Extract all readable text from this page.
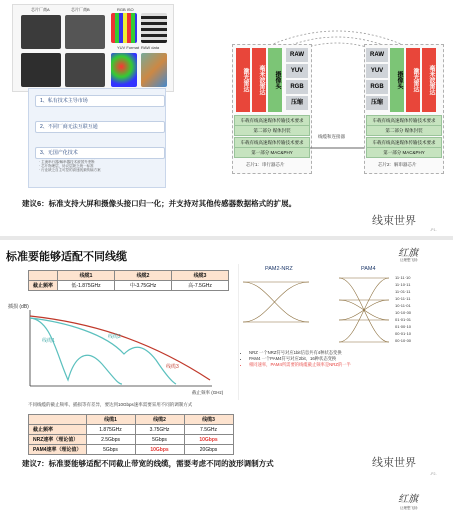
芯片厂商A	芯片厂商B	RGB ISO
YUV Format RAW data
1、私有技术主导市场
2、不同厂商无法互联互通
3、无国产化技术
· 主流串行器/解串器技术被国外垄断
· 芯片物理层、协议层缺乏统一标准
· 行业缺乏自主可控的高速视频传输方案
激光雷达	毫米波雷达	摄像头
RAW
YUV
RGB
压缩
车载有线高速媒体传输技术要求
第二部分 媒体封装
车载有线高速媒体传输技术要求
第一部分 MAC&PHY
RAW
YUV
RGB
压缩
摄像头	激光雷达	毫米波雷达
车载有线高速媒体传输技术要求
第二部分 媒体封装
车载有线高速媒体传输技术要求
第一部分 MAC&PHY
线缆和连接器
芯片1：串行器芯片	芯片2：解串器芯片
建议6：标准支持大屏和摄像头接口归一化；并支持对其他传感器数据格式的扩展。
线束世界
-P1-
标准要能够适配不同线缆	红旗
让理想飞扬
	线缆1	线缆2	线缆3
截止频率	低-1.875GHz	中-3.75GHz	高-7.5GHz
插损 (dB)
截止频率 (GHz)
线缆1
线缆2
线缆3
PAM2-NRZ	PAM4
11·11·10
11·10·11
11·01·11
10·11·11
10·11·01
10·10·00
01·01·01
01·00·10
00·01·10
00·10·00
• NRZ 一个NRZ符号对应1bit信息共有4种状态变换
• PAM4 一个PAM4符号对应2bit，16种状态变换
• 相同速率，PAM4所需要的线缆截止频率是NRZ的一半
不同线缆的截止频率、插损等有差异，要达到10Gbps速率需要采用不同的调制方式
	线缆1	线缆2	线缆3
截止频率	1.875GHz	3.75GHz	7.5GHz
NRZ速率（理论值）	2.5Gbps	5Gbps	10Gbps
PAM4速率（理论值）	5Gbps	10Gbps	20Gbps
建议7：标准要能够适配不同截止带宽的线缆，需要考虑不同的波形调制方式	线束世界
-P2-
红旗
让理想飞扬
